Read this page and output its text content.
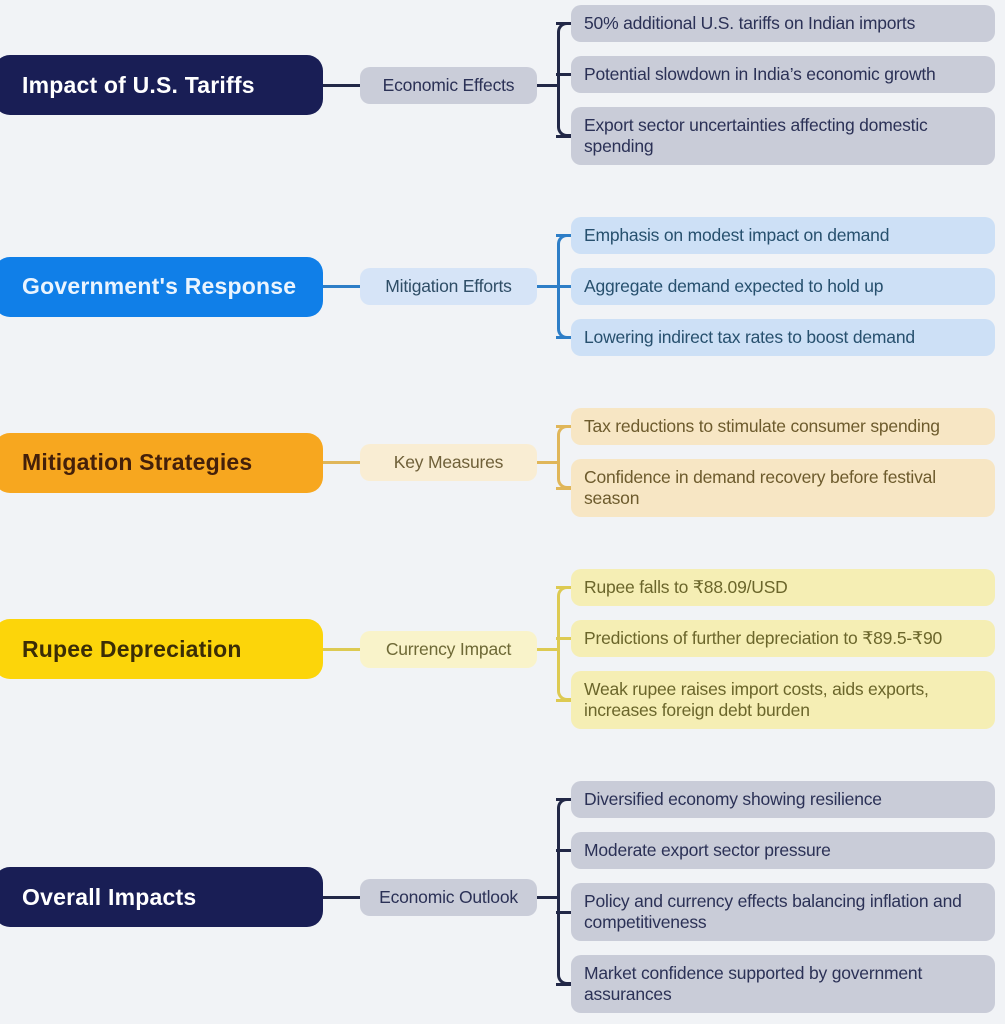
Impact of U.S. Tariffs	Economic Effects
50% additional U.S. tariffs on Indian imports
Potential slowdown in India’s economic growth
Export sector uncertainties affecting domestic spending
Government's Response	Mitigation Efforts
Emphasis on modest impact on demand
Aggregate demand expected to hold up
Lowering indirect tax rates to boost demand
Mitigation Strategies	Key Measures
Tax reductions to stimulate consumer spending
Confidence in demand recovery before festival season
Rupee Depreciation	Currency Impact
Rupee falls to ₹88.09/USD
Predictions of further depreciation to ₹89.5-₹90
Weak rupee raises import costs, aids exports, increases foreign debt burden
Overall Impacts	Economic Outlook
Diversified economy showing resilience
Moderate export sector pressure
Policy and currency effects balancing inflation and competitiveness
Market confidence supported by government assurances
